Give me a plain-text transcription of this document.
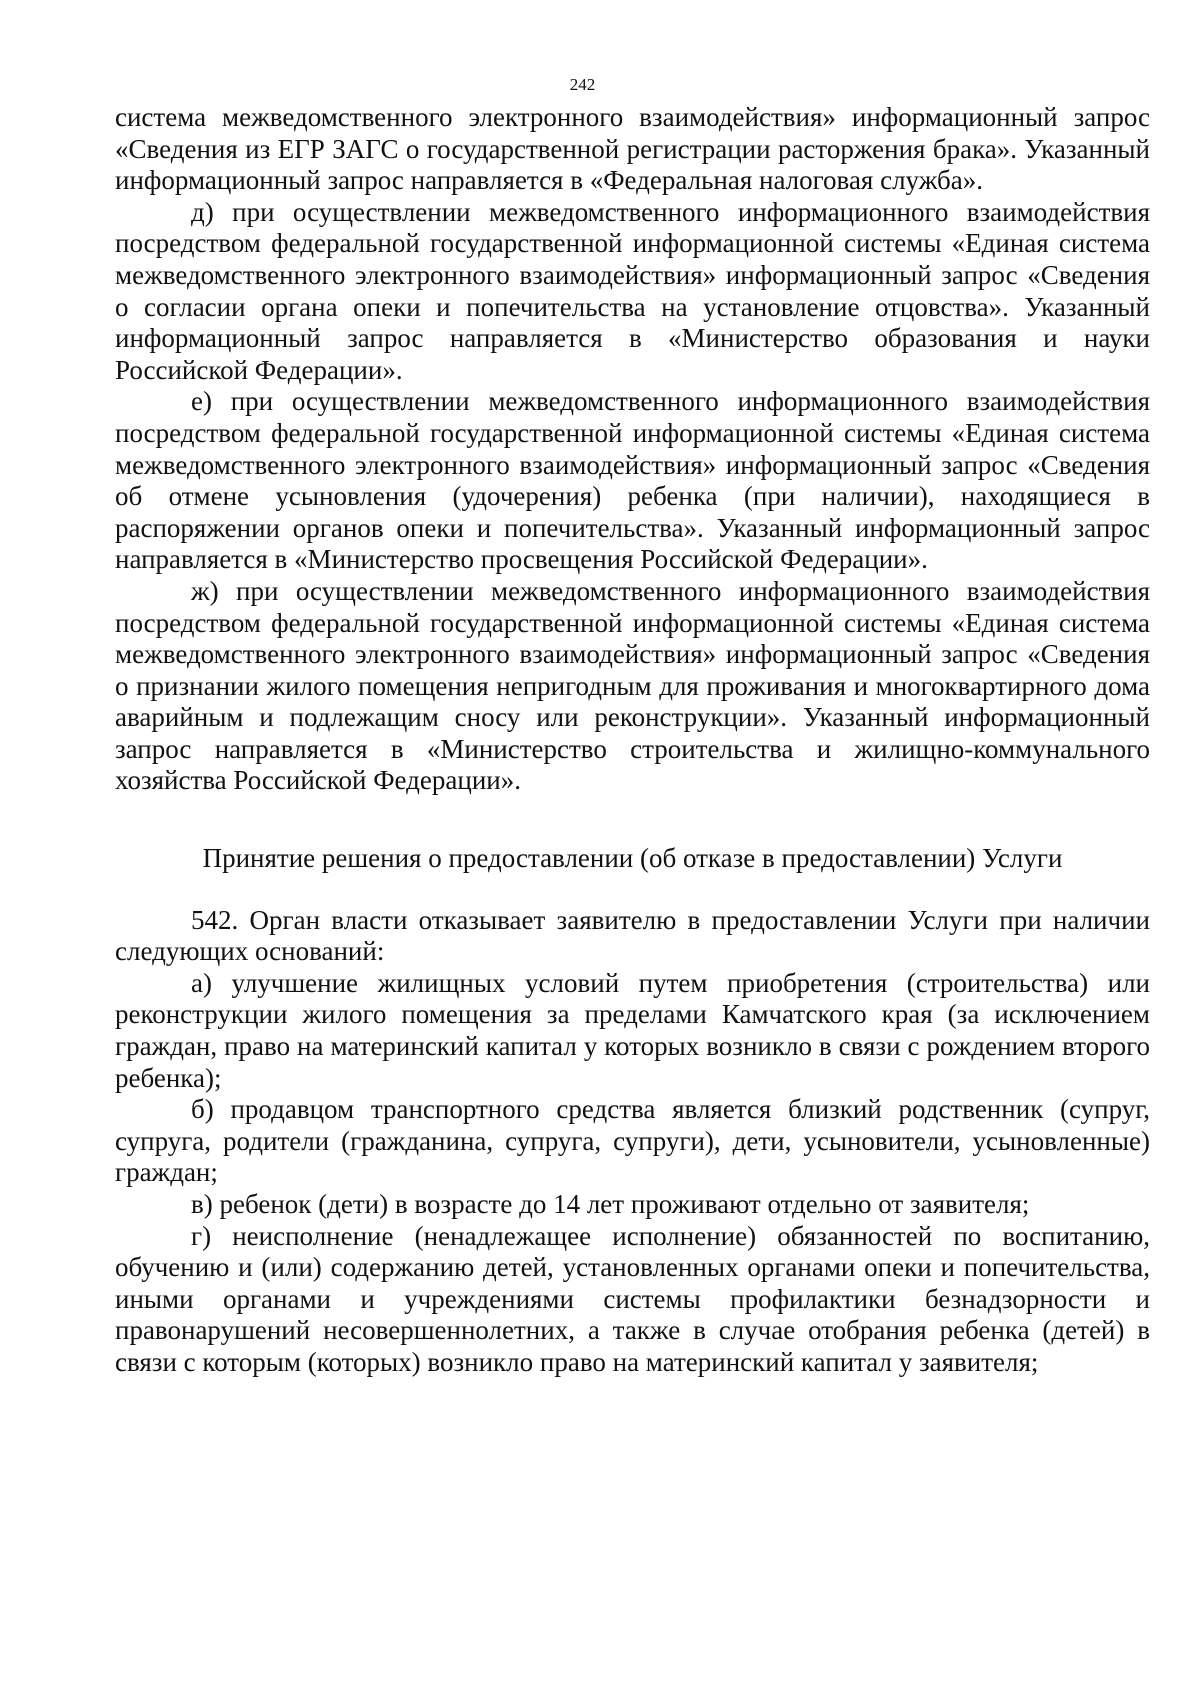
242

система межведомственного электронного взаимодействия» информационный запрос «Сведения из ЕГР ЗАГС о государственной регистрации расторжения брака». Указанный информационный запрос направляется в «Федеральная налоговая служба».

д) при осуществлении межведомственного информационного взаимодействия посредством федеральной государственной информационной системы «Единая система межведомственного электронного взаимодействия» информационный запрос «Сведения о согласии органа опеки и попечительства на установление отцовства». Указанный информационный запрос направляется в «Министерство образования и науки Российской Федерации».

е) при осуществлении межведомственного информационного взаимодействия посредством федеральной государственной информационной системы «Единая система межведомственного электронного взаимодействия» информационный запрос «Сведения об отмене усыновления (удочерения) ребенка (при наличии), находящиеся в распоряжении органов опеки и попечительства». Указанный информационный запрос направляется в «Министерство просвещения Российской Федерации».

ж) при осуществлении межведомственного информационного взаимодействия посредством федеральной государственной информационной системы «Единая система межведомственного электронного взаимодействия» информационный запрос «Сведения о признании жилого помещения непригодным для проживания и многоквартирного дома аварийным и подлежащим сносу или реконструкции». Указанный информационный запрос направляется в «Министерство строительства и жилищно-коммунального хозяйства Российской Федерации».

Принятие решения о предоставлении (об отказе в предоставлении) Услуги

542. Орган власти отказывает заявителю в предоставлении Услуги при наличии следующих оснований:

а) улучшение жилищных условий путем приобретения (строительства) или реконструкции жилого помещения за пределами Камчатского края (за исключением граждан, право на материнский капитал у которых возникло в связи с рождением второго ребенка);

б) продавцом транспортного средства является близкий родственник (супруг, супруга, родители (гражданина, супруга, супруги), дети, усыновители, усыновленные) граждан;

в) ребенок (дети) в возрасте до 14 лет проживают отдельно от заявителя;

г) неисполнение (ненадлежащее исполнение) обязанностей по воспитанию, обучению и (или) содержанию детей, установленных органами опеки и попечительства, иными органами и учреждениями системы профилактики безнадзорности и правонарушений несовершеннолетних, а также в случае отобрания ребенка (детей) в связи с которым (которых) возникло право на материнский капитал у заявителя;
